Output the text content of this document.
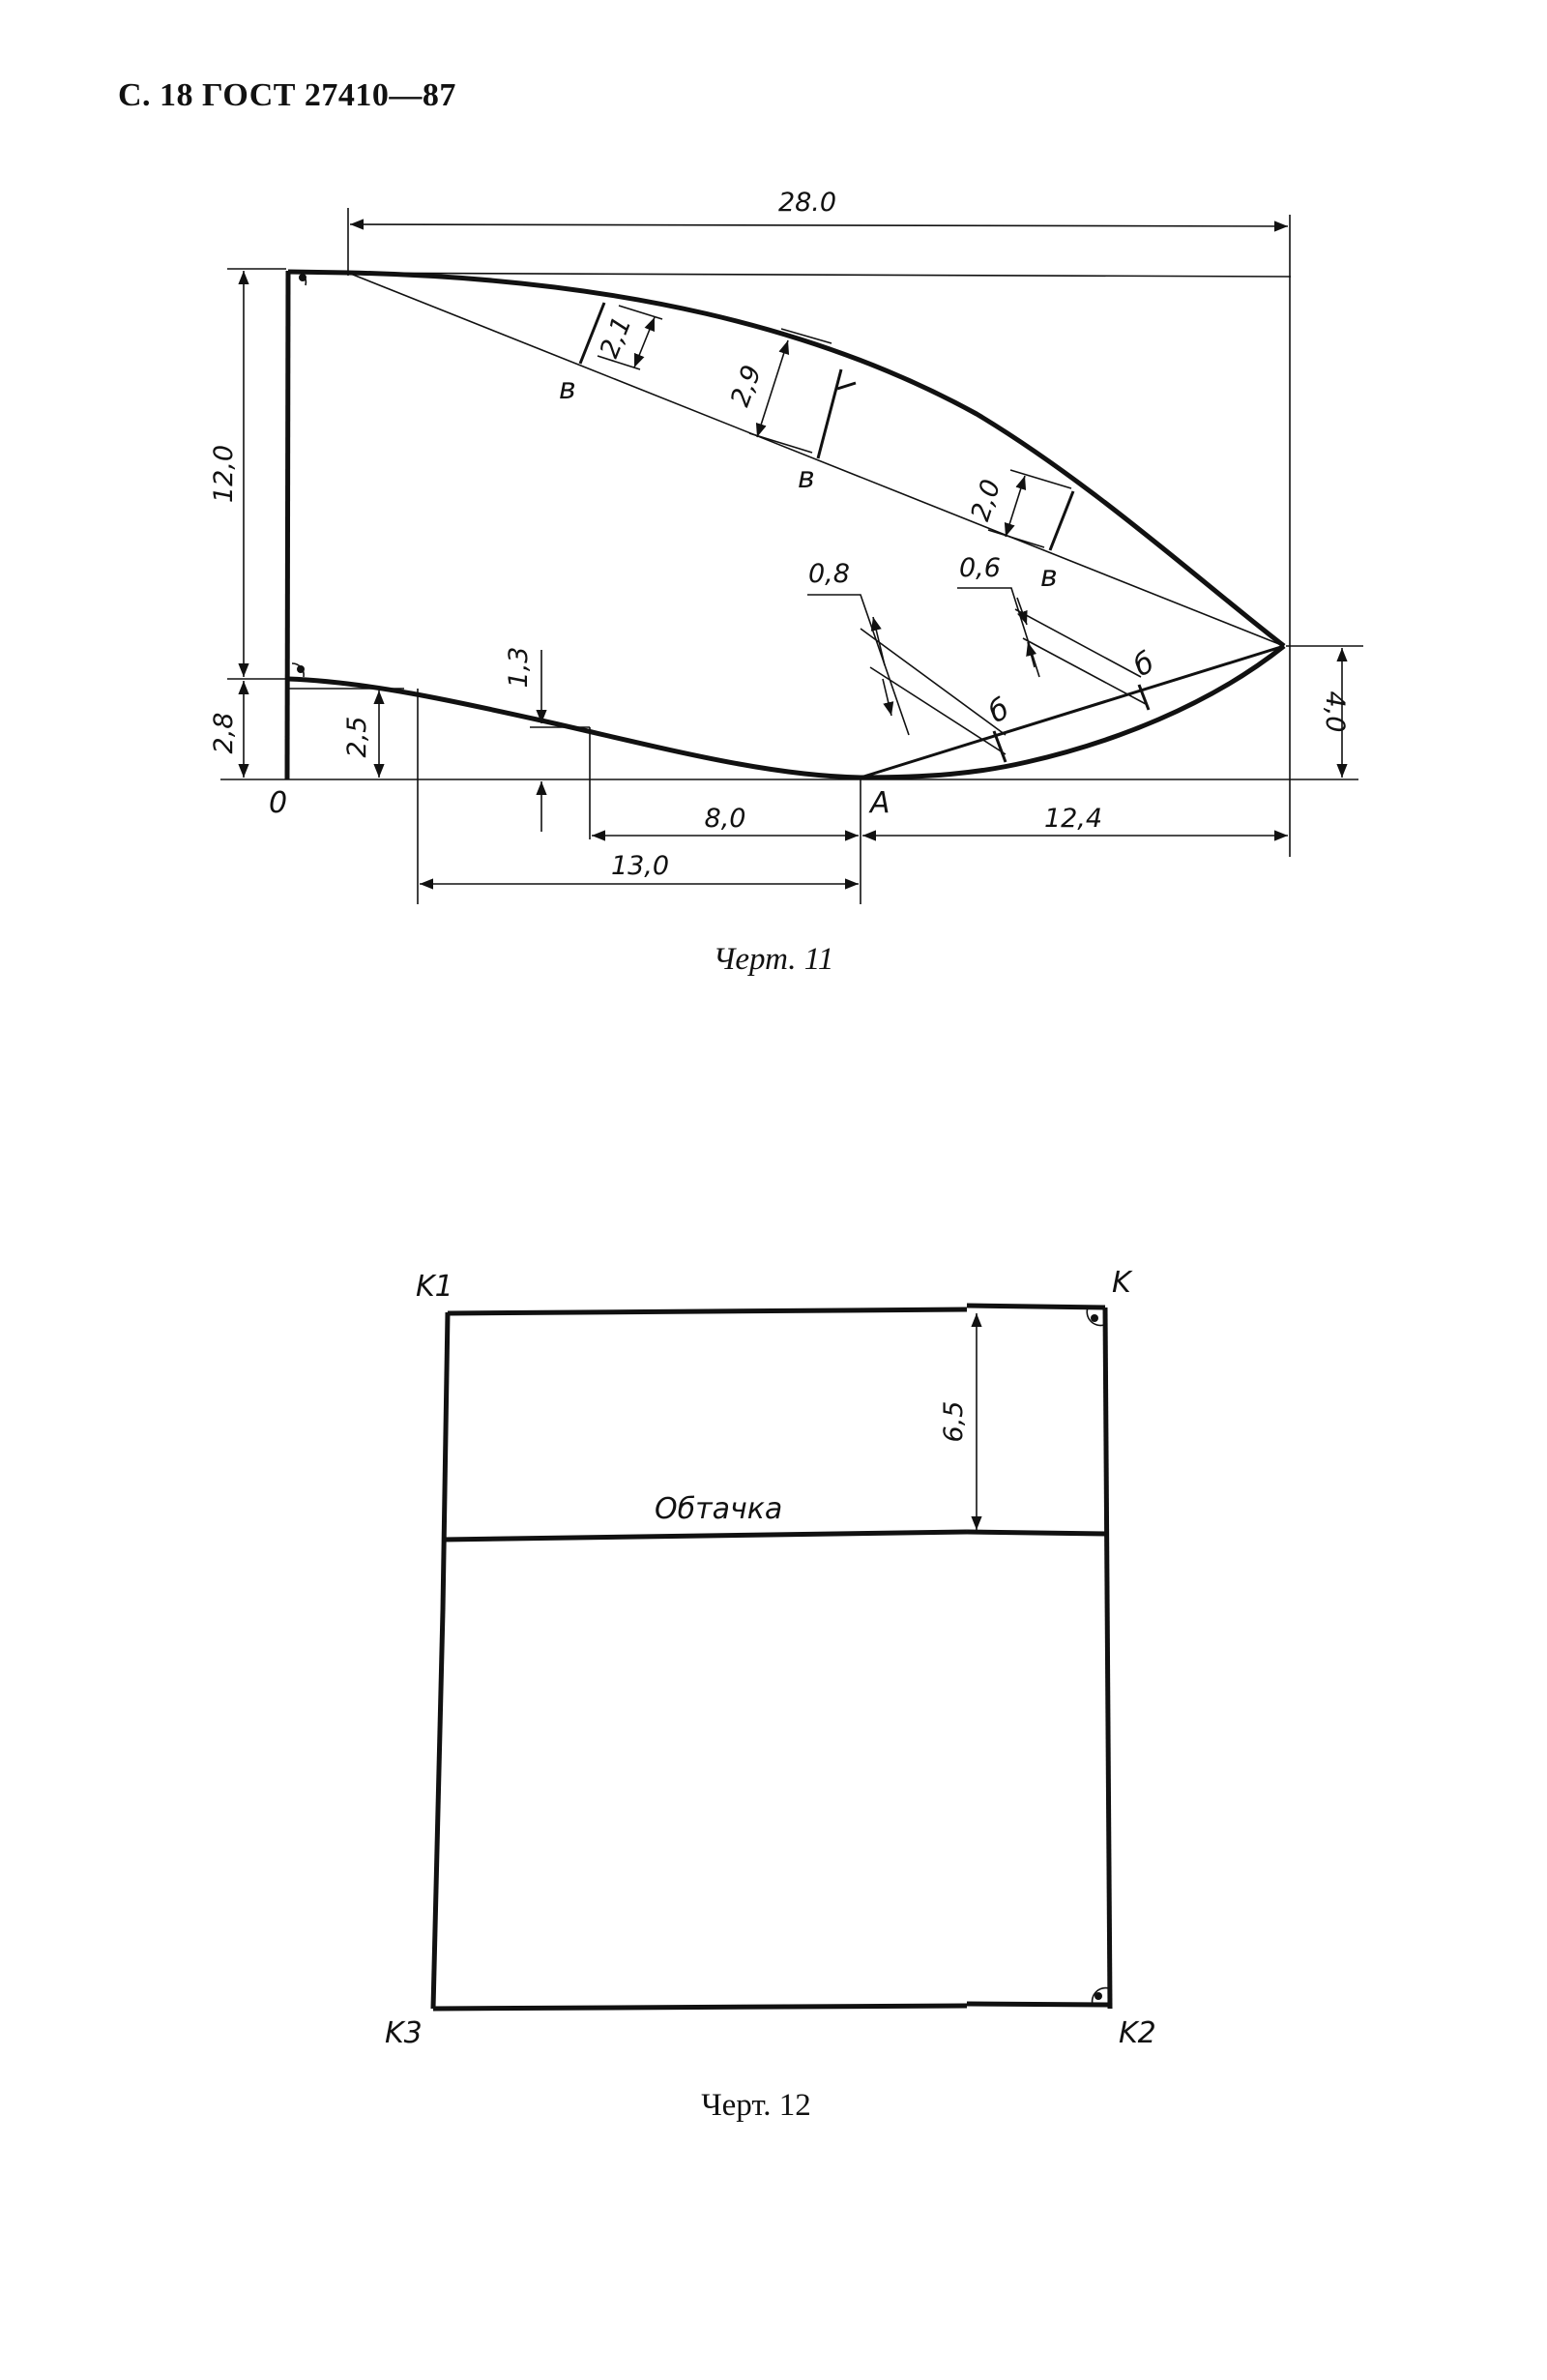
С. 18 ГОСТ 27410—87
2,1
в	2,9
в	2,0
в
0,8
б
0,6
б
28.0
12,0
2,8	2,5
1,3
8,0
13,0
12,4
4,0
0	A
Черт. 11
6,5
Обтачка
K
K1
K2
K3
Черт. 12
